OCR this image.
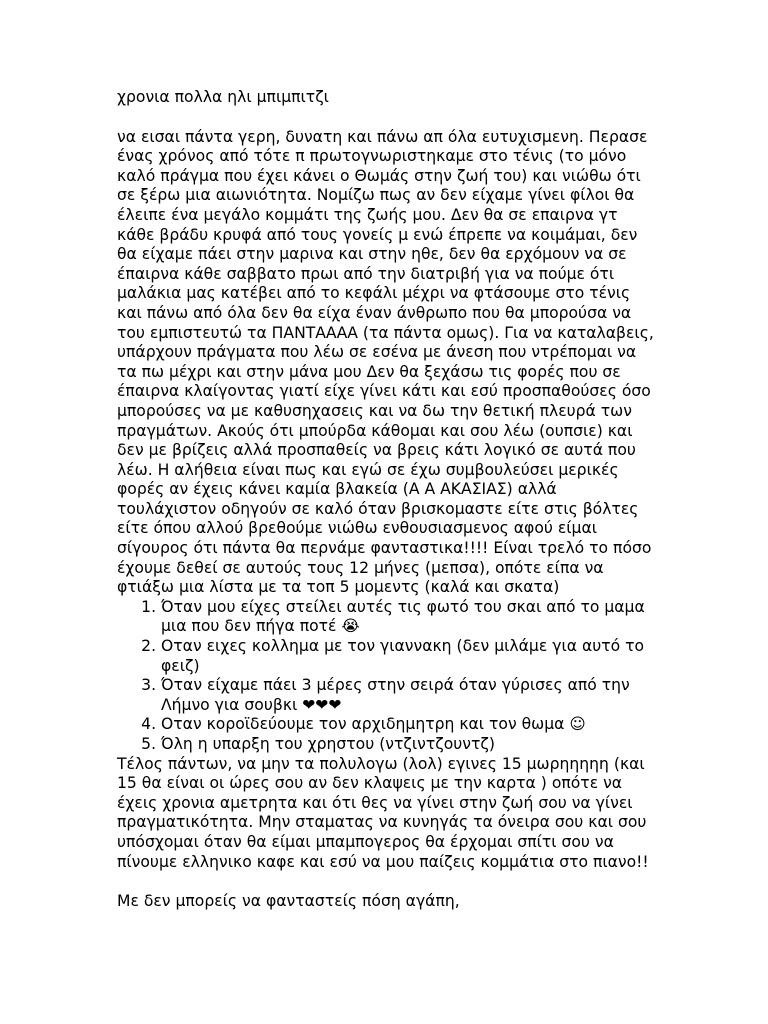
χρονια πολλα ηλι μπιμπιτζι

να εισαι πάντα γερη, δυνατη και πάνω απ όλα ευτυχισμενη. Περασε ένας χρόνος από τότε π πρωτογνωριστηκαμε στο τένις (το μόνο καλό πράγμα που έχει κάνει ο Θωμάς στην ζωή του) και νιώθω ότι σε ξέρω μια αιωνιότητα. Νομίζω πως αν δεν είχαμε γίνει φίλοι θα έλειπε ένα μεγάλο κομμάτι της ζωής μου. Δεν θα σε επαιρνα γτ κάθε βράδυ κρυφά από τους γονείς μ ενώ έπρεπε να κοιμάμαι, δεν θα είχαμε πάει στην μαρινα και στην ηθε, δεν θα ερχόμουν να σε έπαιρνα κάθε σαββατο πρωι από την διατριβή για να πούμε ότι μαλάκια μας κατέβει από το κεφάλι μέχρι να φτάσουμε στο τένις και πάνω από όλα δεν θα είχα έναν άνθρωπο που θα μπορούσα να του εμπιστευτώ τα ΠΑΝΤΑΑΑΑ (τα πάντα ομως). Για να καταλαβεις, υπάρχουν πράγματα που λέω σε εσένα με άνεση που ντρέπομαι να τα πω μέχρι και στην μάνα μου Δεν θα ξεχάσω τις φορές που σε έπαιρνα κλαίγοντας γιατί είχε γίνει κάτι και εσύ προσπαθούσες όσο μπορούσες να με καθυσηχασεις και να δω την θετική πλευρά των πραγμάτων. Ακούς ότι μπούρδα κάθομαι και σου λέω (ουπσιε) και δεν με βρίζεις αλλά προσπαθείς να βρεις κάτι λογικό σε αυτά που λέω. Η αλήθεια είναι πως και εγώ σε έχω συμβουλεύσει μερικές φορές αν έχεις κάνει καμία βλακεία (Α Α ΑΚΑΣΙΑΣ) αλλά τουλάχιστον οδηγούν σε καλό όταν βρισκομαστε είτε στις βόλτες είτε όπου αλλού βρεθούμε νιώθω ενθουσιασμενος αφού είμαι σίγουρος ότι πάντα θα περνάμε φανταστικα!!!! Είναι τρελό το πόσο έχουμε δεθεί σε αυτούς τους 12 μήνες (μεπσα), οπότε είπα να φτιάξω μια λίστα με τα τοπ 5 μομεντς (καλά και σκατα)

1. Όταν μου είχες στείλει αυτές τις φωτό του σκαι από το μαμα μια που δεν πήγα ποτέ 😭
2. Οταν ειχες κολλημα με τον γιαννακη (δεν μιλάμε για αυτό το φειζ)
3. Όταν είχαμε πάει 3 μέρες στην σειρά όταν γύρισες από την Λήμνο για σουβκι ❤❤❤
4. Οταν κοροϊδεύουμε τον αρχιδημητρη και τον θωμα ☺
5. Όλη η υπαρξη του χρηστου (ντζιντζουντζ)

Τέλος πάντων, να μην τα πολυλογω (λολ) εγινες 15 μωρηηηηη (και 15 θα είναι οι ώρες σου αν δεν κλαψεις με την καρτα ) οπότε να έχεις χρονια αμετρητα και ότι θες να γίνει στην ζωή σου να γίνει πραγματικότητα. Μην σταματας να κυνηγάς τα όνειρα σου και σου υπόσχομαι όταν θα είμαι μπαμπογερος θα έρχομαι σπίτι σου να πίνουμε ελληνικο καφε και εσύ να μου παίζεις κομμάτια στο πιανο!!

Με δεν μπορείς να φανταστείς πόση αγάπη,
